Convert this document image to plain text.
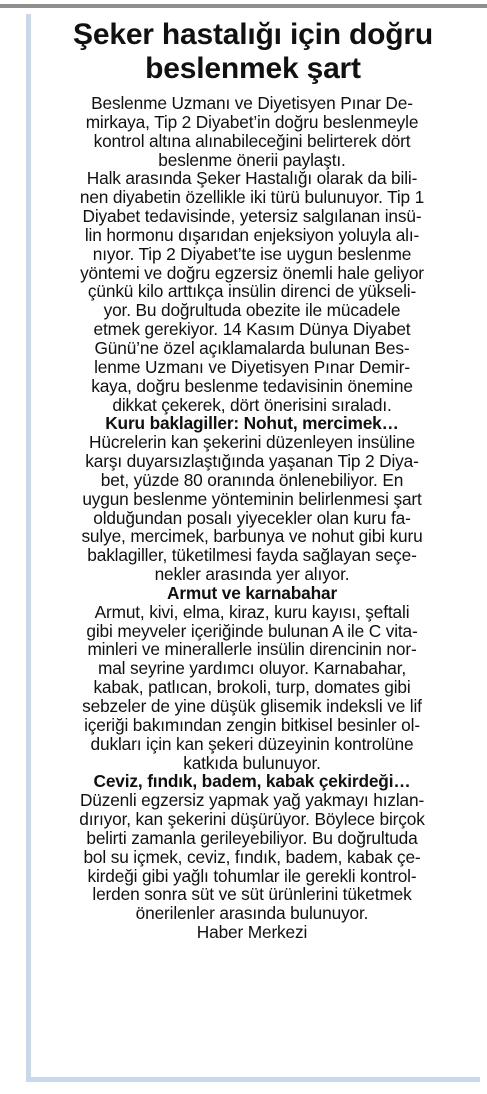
Şeker hastalığı için doğru
beslenmek şart
Beslenme Uzmanı ve Diyetisyen Pınar De-
mirkaya, Tip 2 Diyabet’in doğru beslenmeyle
kontrol altına alınabileceğini belirterek dört
beslenme önerii paylaştı.
Halk arasında Şeker Hastalığı olarak da bili-
nen diyabetin özellikle iki türü bulunuyor. Tip 1
Diyabet tedavisinde, yetersiz salgılanan insü-
lin hormonu dışarıdan enjeksiyon yoluyla alı-
nıyor. Tip 2 Diyabet’te ise uygun beslenme
yöntemi ve doğru egzersiz önemli hale geliyor
çünkü kilo arttıkça insülin direnci de yükseli-
yor. Bu doğrultuda obezite ile mücadele
etmek gerekiyor. 14 Kasım Dünya Diyabet
Günü’ne özel açıklamalarda bulunan Bes-
lenme Uzmanı ve Diyetisyen Pınar Demir-
kaya, doğru beslenme tedavisinin önemine
dikkat çekerek, dört önerisini sıraladı.
Kuru baklagiller: Nohut, mercimek…
Hücrelerin kan şekerini düzenleyen insüline
karşı duyarsızlaştığında yaşanan Tip 2 Diya-
bet, yüzde 80 oranında önlenebiliyor. En
uygun beslenme yönteminin belirlenmesi şart
olduğundan posalı yiyecekler olan kuru fa-
sulye, mercimek, barbunya ve nohut gibi kuru
baklagiller, tüketilmesi fayda sağlayan seçe-
nekler arasında yer alıyor.
Armut ve karnabahar
Armut, kivi, elma, kiraz, kuru kayısı, şeftali
gibi meyveler içeriğinde bulunan A ile C vita-
minleri ve minerallerle insülin direncinin nor-
mal seyrine yardımcı oluyor. Karnabahar,
kabak, patlıcan, brokoli, turp, domates gibi
sebzeler de yine düşük glisemik indeksli ve lif
içeriği bakımından zengin bitkisel besinler ol-
dukları için kan şekeri düzeyinin kontrolüne
katkıda bulunuyor.
Ceviz, fındık, badem, kabak çekirdeği…
Düzenli egzersiz yapmak yağ yakmayı hızlan-
dırıyor, kan şekerini düşürüyor. Böylece birçok
belirti zamanla gerileyebiliyor. Bu doğrultuda
bol su içmek, ceviz, fındık, badem, kabak çe-
kirdeği gibi yağlı tohumlar ile gerekli kontrol-
lerden sonra süt ve süt ürünlerini tüketmek
önerilenler arasında bulunuyor.
Haber Merkezi
